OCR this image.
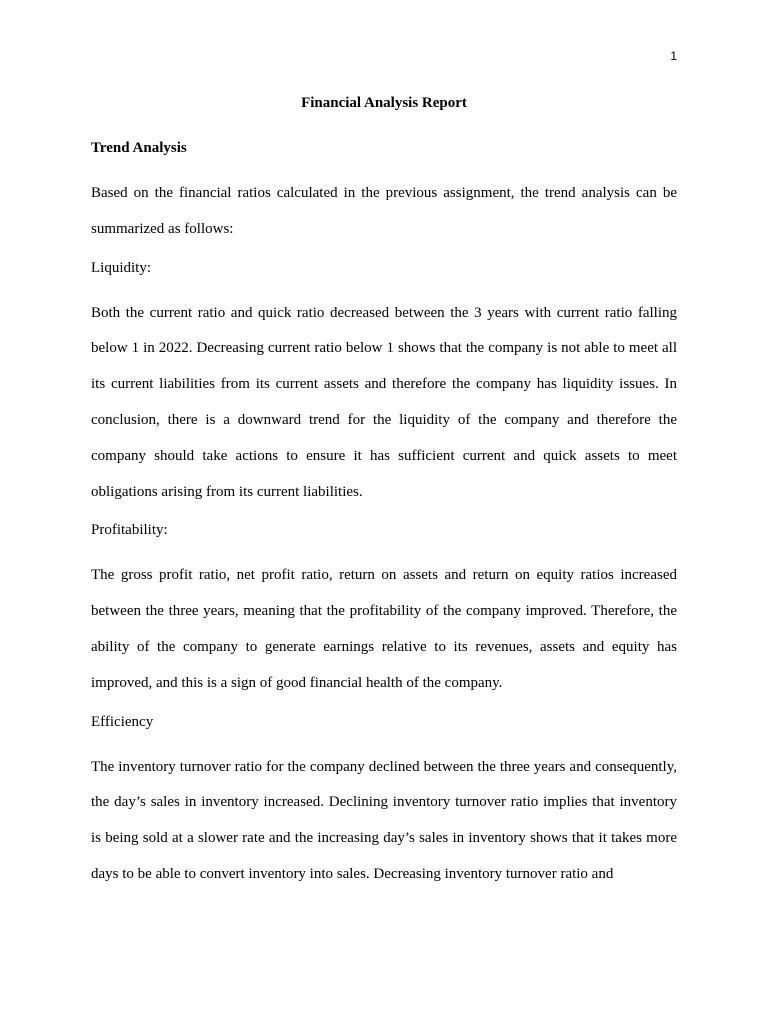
1

Financial Analysis Report

Trend Analysis

Based on the financial ratios calculated in the previous assignment, the trend analysis can be summarized as follows:

Liquidity:

Both the current ratio and quick ratio decreased between the 3 years with current ratio falling below 1 in 2022. Decreasing current ratio below 1 shows that the company is not able to meet all its current liabilities from its current assets and therefore the company has liquidity issues. In conclusion, there is a downward trend for the liquidity of the company and therefore the company should take actions to ensure it has sufficient current and quick assets to meet obligations arising from its current liabilities.

Profitability:

The gross profit ratio, net profit ratio, return on assets and return on equity ratios increased between the three years, meaning that the profitability of the company improved. Therefore, the ability of the company to generate earnings relative to its revenues, assets and equity has improved, and this is a sign of good financial health of the company.

Efficiency

The inventory turnover ratio for the company declined between the three years and consequently, the day’s sales in inventory increased. Declining inventory turnover ratio implies that inventory is being sold at a slower rate and the increasing day’s sales in inventory shows that it takes more days to be able to convert inventory into sales. Decreasing inventory turnover ratio and
